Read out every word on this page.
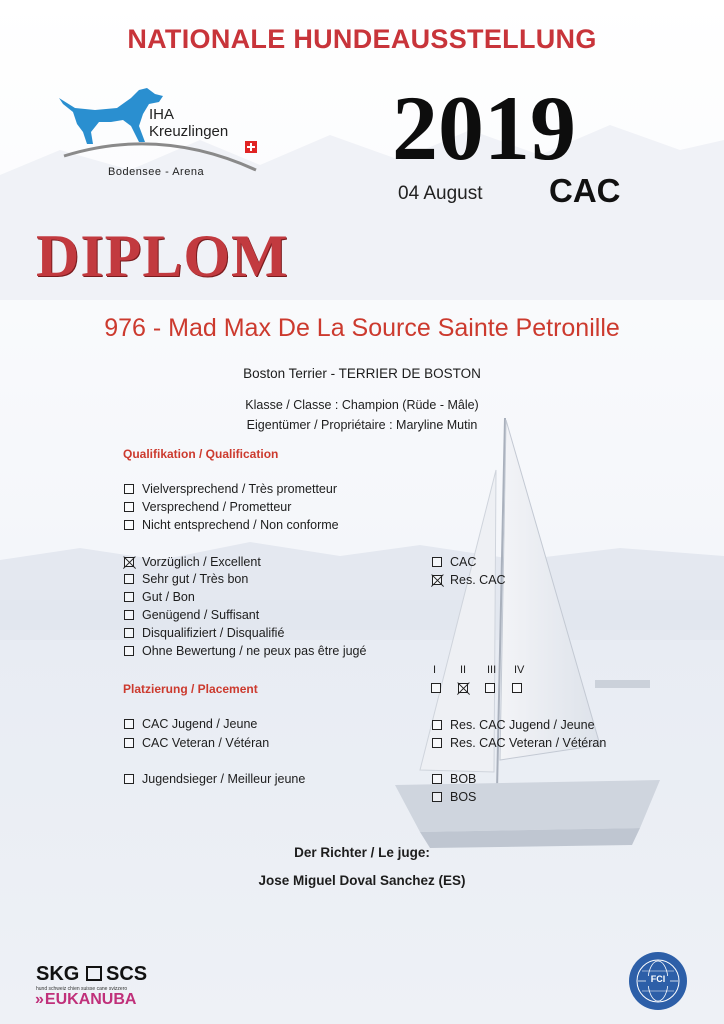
NATIONALE HUNDEAUSSTELLUNG
IHA
Kreuzlingen
Bodensee - Arena 2019
04 August CAC
DIPLOM
976 - Mad Max De La Source Sainte Petronille
Boston Terrier - TERRIER DE BOSTON
Klasse / Classe : Champion (Rüde - Mâle)
Eigentümer / Propriétaire : Maryline Mutin
Qualifikation / Qualification
Vielversprechend / Très prometteur
Versprechend / Prometteur
Nicht entsprechend / Non conforme
Vorzüglich / Excellent
Sehr gut / Très bon
Gut / Bon
Genügend / Suffisant
Disqualifiziert / Disqualifié
Ohne Bewertung / ne peux pas être jugé
CAC
Res. CAC
I	II	III	IV
Platzierung / Placement
CAC Jugend / Jeune
CAC Veteran / Vétéran
Jugendsieger / Meilleur jeune
Res. CAC Jugend / Jeune
Res. CAC Veteran / Vétéran
BOB
BOS
Der Richter / Le juge:
Jose Miguel Doval Sanchez (ES)
SKG SCS
hund schweiz chien suisse cane svizzero
» EUKANUBA
FCI
